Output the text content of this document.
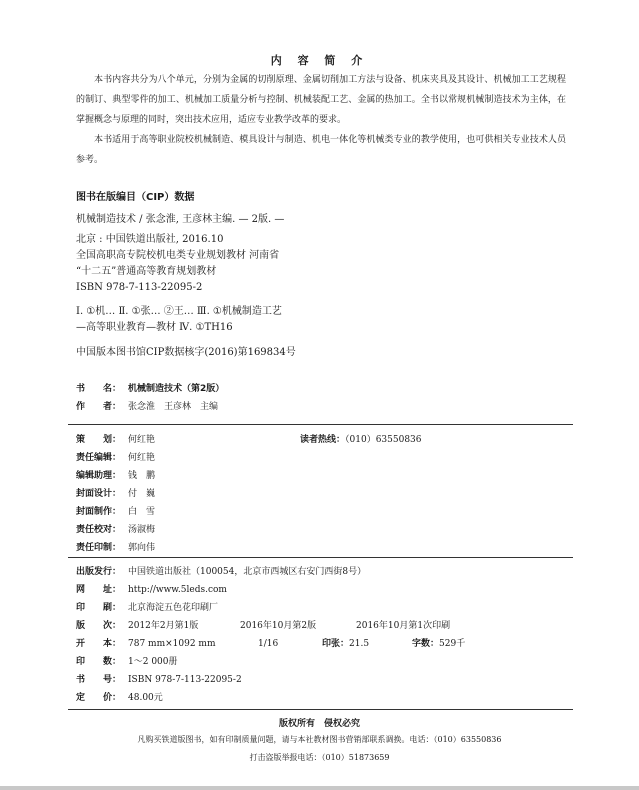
内 容 简 介

本书内容共分为八个单元，分别为金属的切削原理、金属切削加工方法与设备、机床夹具及其设计、机械加工工艺规程的制订、典型零件的加工、机械加工质量分析与控制、机械装配工艺、金属的热加工。全书以常规机械制造技术为主体，在掌握概念与原理的同时，突出技术应用，适应专业教学改革的要求。

本书适用于高等职业院校机械制造、模具设计与制造、机电一体化等机械类专业的教学使用，也可供相关专业技术人员参考。

图书在版编目（CIP）数据
机械制造技术 / 张念淮, 王彦林主编. — 2版. —
北京 : 中国铁道出版社, 2016.10
全国高职高专院校机电类专业规划教材 河南省
“十二五”普通高等教育规划教材
ISBN 978-7-113-22095-2
Ⅰ. ①机… Ⅱ. ①张… ②王… Ⅲ. ①机械制造工艺
—高等职业教育—教材 Ⅳ. ①TH16
中国版本图书馆CIP数据核字(2016)第169834号
书　　名： 机械制造技术（第2版）
作　　者： 张念淮　王彦林　主编
策　　划： 何红艳	读者热线：（010）63550836
责任编辑： 何红艳
编辑助理： 钱　鹏
封面设计： 付　巍
封面制作： 白　雪
责任校对： 汤淑梅
责任印制： 郭向伟
出版发行： 中国铁道出版社（100054，北京市西城区右安门西街8号）
网　　址： http://www.5leds.com
印　　刷： 北京海淀五色花印刷厂
版　　次： 2012年2月第1版	2016年10月第2版	2016年10月第1次印刷
开　　本： 787 mm×1092 mm	1/16	印张：21.5	字数：529千
印　　数： 1～2 000册
书　　号： ISBN 978-7-113-22095-2
定　　价： 48.00元
版权所有　侵权必究
凡购买铁道版图书，如有印制质量问题，请与本社教材图书营销部联系调换。电话：（010）63550836
打击盗版举报电话：（010）51873659
